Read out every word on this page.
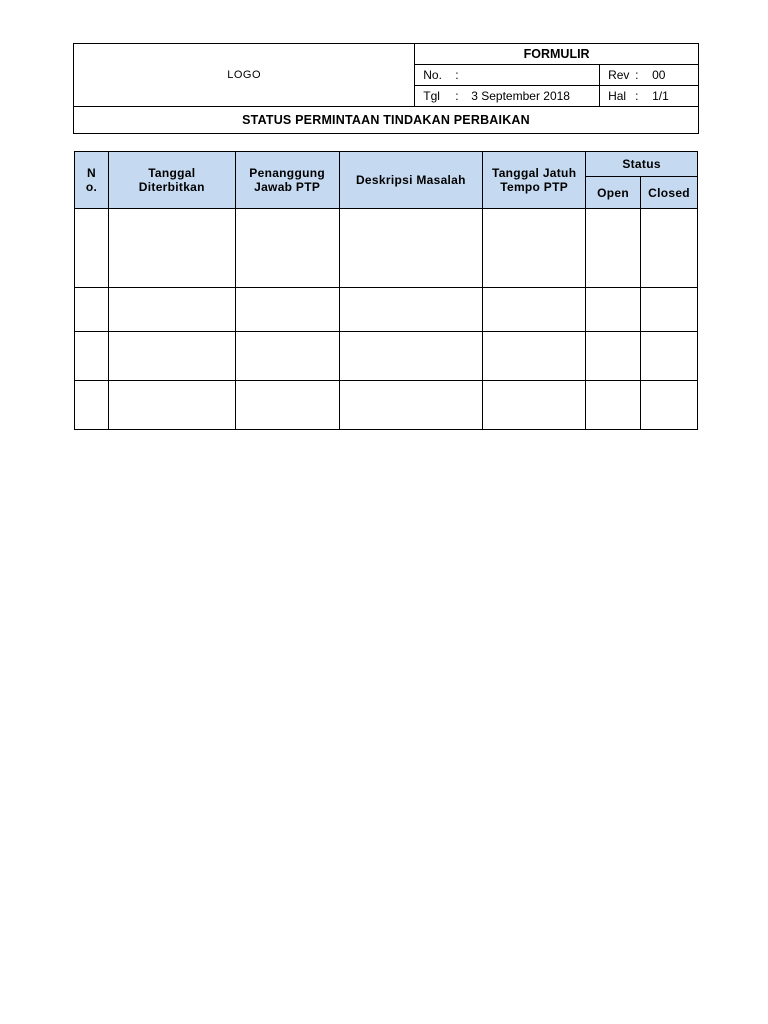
LOGO	FORMULIR	

	No. :	Rev : 00

	Tgl : 3 September 2018	Hal : 1/1

STATUS PERMINTAAN TINDAKAN PERBAIKAN		
No.	Tanggal Diterbitkan	Penanggung Jawab PTP	Deskripsi Masalah	Tanggal Jatuh Tempo PTP	Status	
					Open	Closed
